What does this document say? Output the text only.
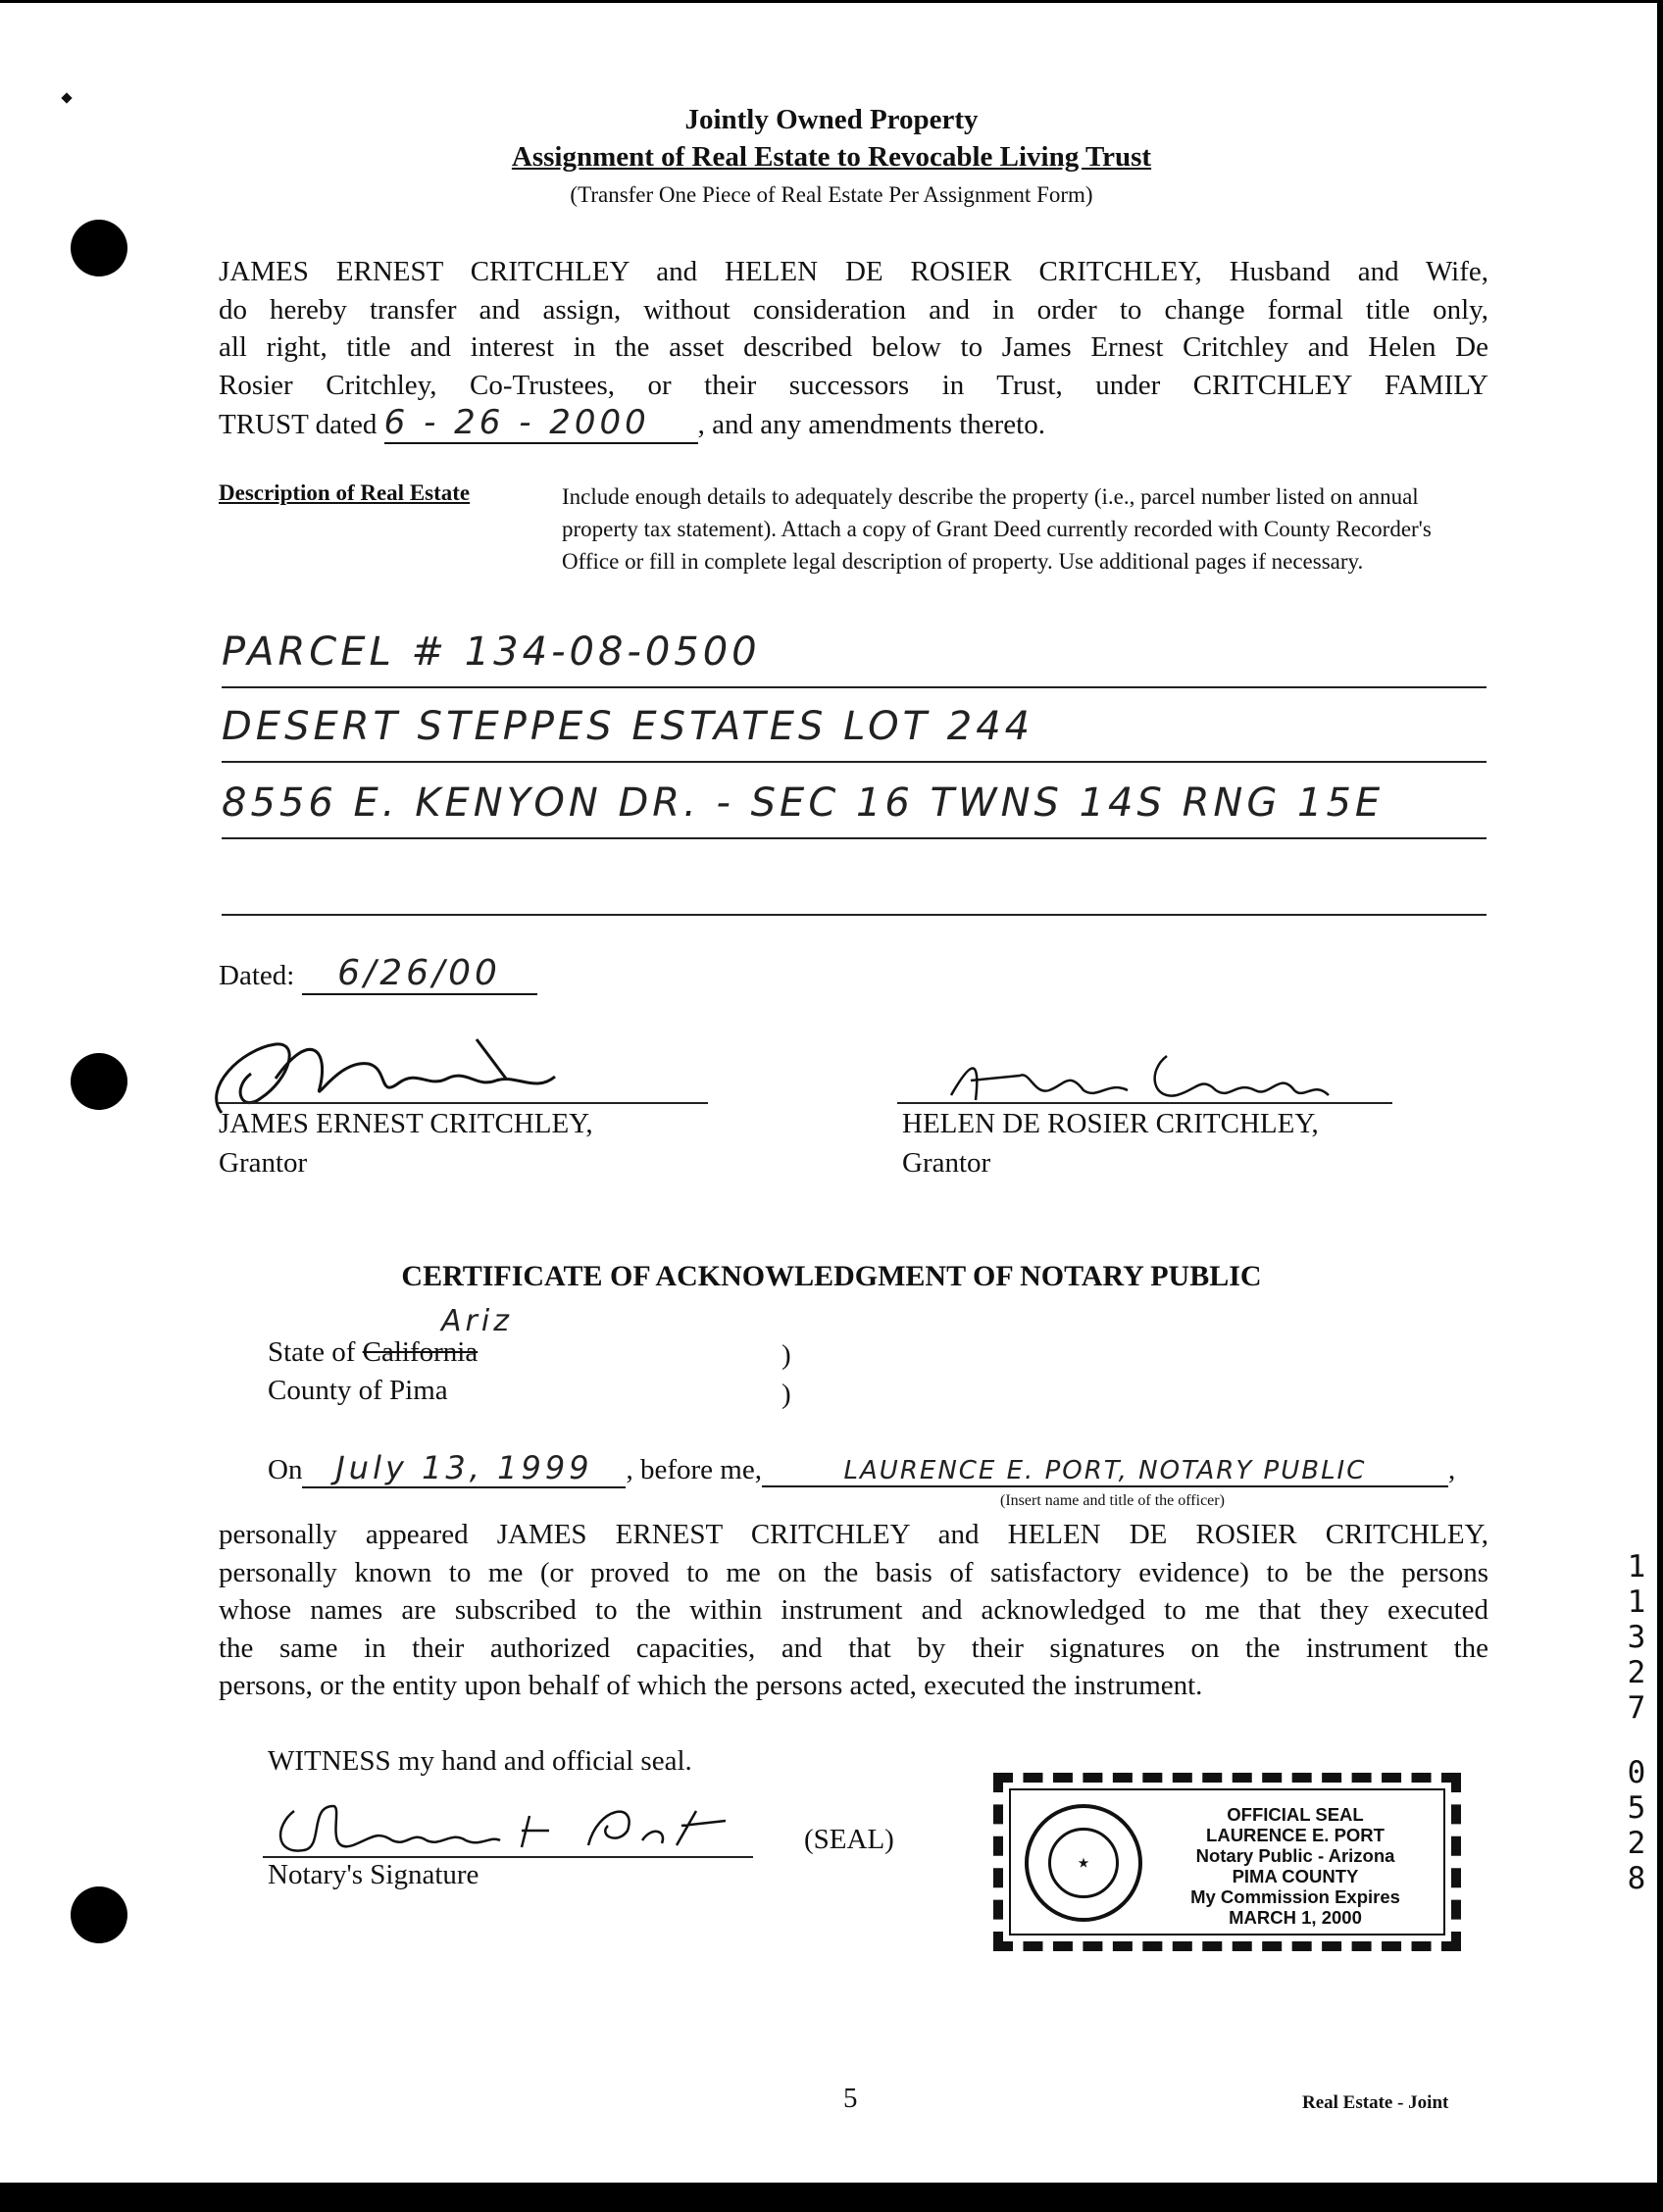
Jointly Owned Property
Assignment of Real Estate to Revocable Living Trust
(Transfer One Piece of Real Estate Per Assignment Form)
JAMES ERNEST CRITCHLEY and HELEN DE ROSIER CRITCHLEY, Husband and Wife,
do hereby transfer and assign, without consideration and in order to change formal title only,
all right, title and interest in the asset described below to James Ernest Critchley and Helen De
Rosier Critchley, Co-Trustees, or their successors in Trust, under CRITCHLEY FAMILY
TRUST dated 6 - 26 - 2000 , and any amendments thereto.
Description of Real Estate	Include enough details to adequately describe the property (i.e., parcel number listed on annual property tax statement). Attach a copy of Grant Deed currently recorded with County Recorder's Office or fill in complete legal description of property. Use additional pages if necessary.
PARCEL # 134-08-0500
DESERT STEPPES ESTATES LOT 244
8556 E. KENYON DR. - SEC 16 TWNS 14S RNG 15E
Dated: 6/26/00
JAMES ERNEST CRITCHLEY,
Grantor
HELEN DE ROSIER CRITCHLEY,
Grantor
CERTIFICATE OF ACKNOWLEDGMENT OF NOTARY PUBLIC
State of California
Ariz
)
County of Pima	)
On July 13, 1999 , before me,	LAURENCE E. PORT, NOTARY PUBLIC	,
(Insert name and title of the officer)
personally appeared JAMES ERNEST CRITCHLEY and HELEN DE ROSIER CRITCHLEY,
personally known to me (or proved to me on the basis of satisfactory evidence) to be the persons
whose names are subscribed to the within instrument and acknowledged to me that they executed
the same in their authorized capacities, and that by their signatures on the instrument the
persons, or the entity upon behalf of which the persons acted, executed the instrument.
WITNESS my hand and official seal.
Notary's Signature
(SEAL)
★
OFFICIAL SEAL
LAURENCE E. PORT
Notary Public - Arizona
PIMA COUNTY
My Commission Expires
MARCH 1, 2000
1
1
3
2
7
0
5
2
8
5	Real Estate - Joint
